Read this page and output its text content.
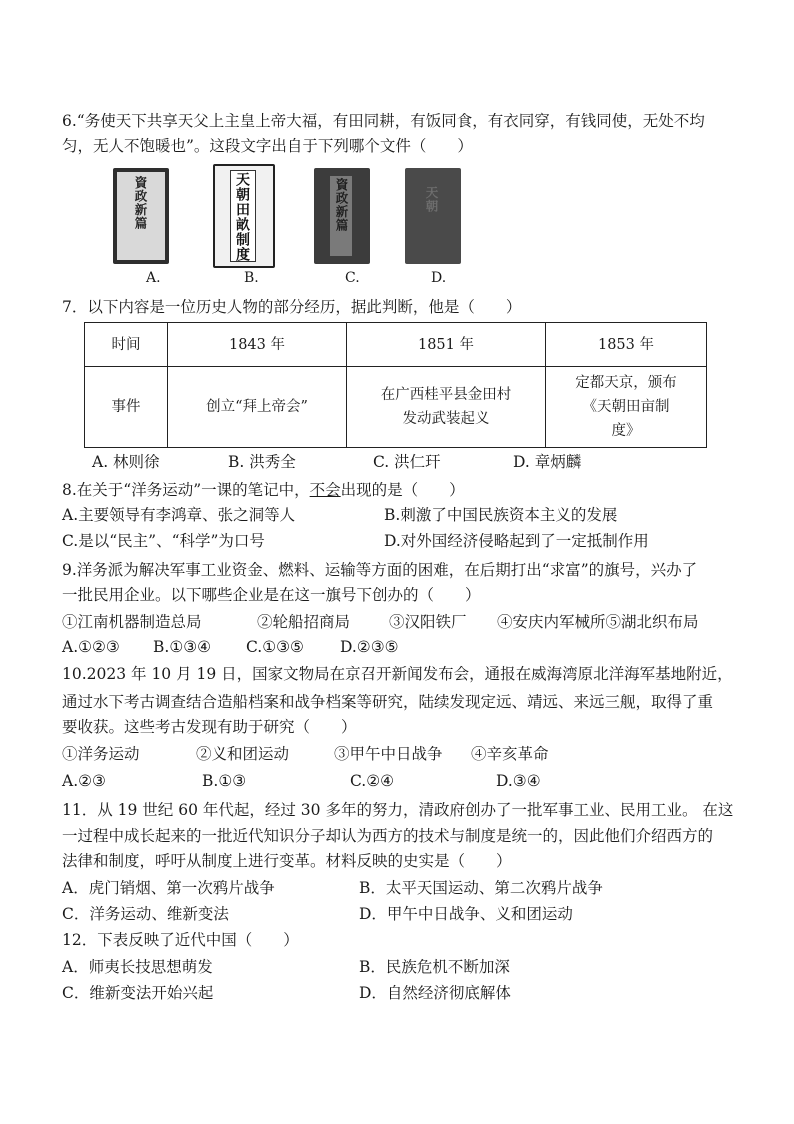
6.“务使天下共享天父上主皇上帝大福，有田同耕，有饭同食，有衣同穿，有钱同使，无处不均
匀，无人不饱暖也”。这段文字出自于下列哪个文件（　　）
資政新篇
A.
天朝田畝制度
B.
資政新篇
C.
天朝
D.
7．以下内容是一位历史人物的部分经历，据此判断，他是（　　）
时间	1843 年	1851 年	1853 年
事件	创立“拜上帝会”	在广西桂平县金田村发动武装起义	定都天京，颁布《天朝田亩制度》
A. 林则徐	B. 洪秀全	C. 洪仁玕	D. 章炳麟
8.在关于“洋务运动”一课的笔记中，不会出现的是（　　）
A.主要领导有李鸿章、张之洞等人	B.刺激了中国民族资本主义的发展
C.是以“民主”、“科学”为口号	D.对外国经济侵略起到了一定抵制作用
9.洋务派为解决军事工业资金、燃料、运输等方面的困难，在后期打出“求富”的旗号，兴办了
一批民用企业。以下哪些企业是在这一旗号下创办的（　　）
①江南机器制造总局	②轮船招商局	③汉阳铁厂 ④安庆内军械所⑤湖北织布局
A.①②③ B.①③④ C.①③⑤ D.②③⑤
10.2023 年 10 月 19 日，国家文物局在京召开新闻发布会，通报在威海湾原北洋海军基地附近，
通过水下考古调查结合造船档案和战争档案等研究，陆续发现定远、靖远、来远三舰，取得了重
要收获。这些考古发现有助于研究（　　）
①洋务运动	②义和团运动	③甲午中日战争 ④辛亥革命
A.②③	B.①③	C.②④	D.③④
11．从 19 世纪 60 年代起，经过 30 多年的努力，清政府创办了一批军事工业、民用工业。 在这
一过程中成长起来的一批近代知识分子却认为西方的技术与制度是统一的，因此他们介绍西方的
法律和制度，呼吁从制度上进行变革。材料反映的史实是（　　）
A．虎门销烟、第一次鸦片战争	B．太平天国运动、第二次鸦片战争
C．洋务运动、维新变法	D．甲午中日战争、义和团运动
12．下表反映了近代中国（　　）
A．师夷长技思想萌发	B．民族危机不断加深
C．维新变法开始兴起	D．自然经济彻底解体
